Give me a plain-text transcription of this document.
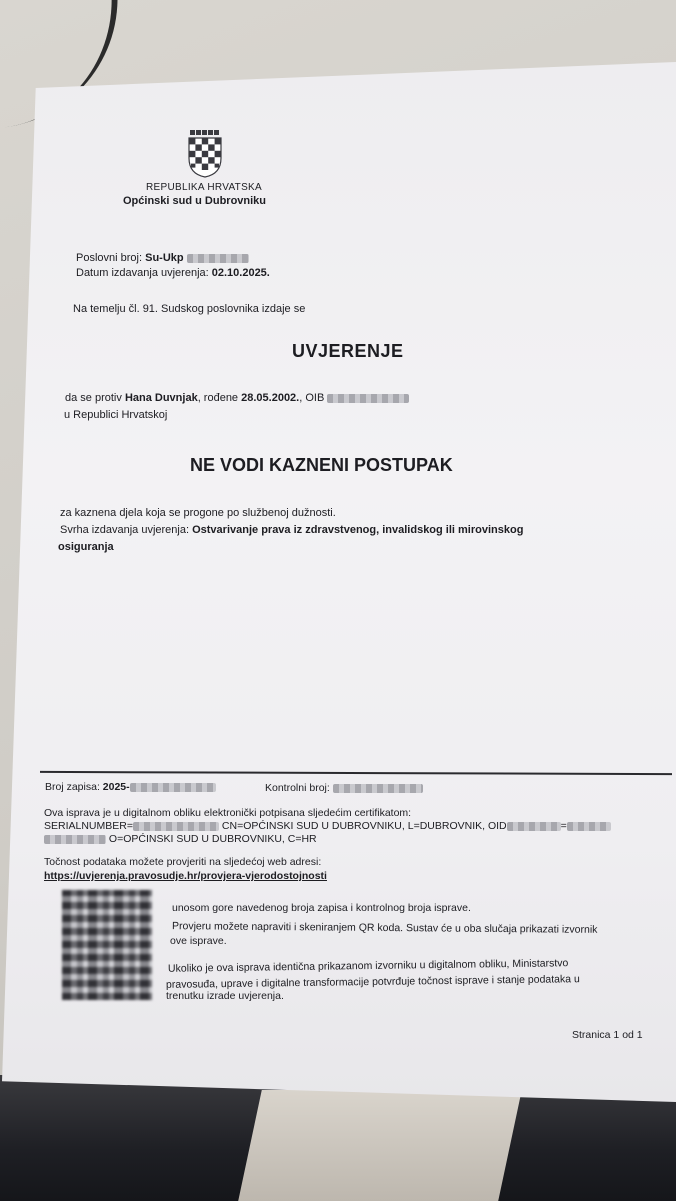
REPUBLIKA HRVATSKA
Općinski sud u Dubrovniku
Poslovni broj: Su-Ukp
Datum izdavanja uvjerenja: 02.10.2025.
Na temelju čl. 91. Sudskog poslovnika izdaje se
UVJERENJE
da se protiv Hana Duvnjak, rođene 28.05.2002., OIB
u Republici Hrvatskoj
NE VODI KAZNENI POSTUPAK
za kaznena djela koja se progone po službenoj dužnosti.
Svrha izdavanja uvjerenja: Ostvarivanje prava iz zdravstvenog, invalidskog ili mirovinskog
osiguranja
Broj zapisa: 2025-	Kontrolni broj:
Ova isprava je u digitalnom obliku elektronički potpisana sljedećim certifikatom:
SERIALNUMBER=	CN=OPĆINSKI SUD U DUBROVNIKU, L=DUBROVNIK, OID	=
O=OPĆINSKI SUD U DUBROVNIKU, C=HR
Točnost podataka možete provjeriti na sljedećoj web adresi:
https://uvjerenja.pravosudje.hr/provjera-vjerodostojnosti
unosom gore navedenog broja zapisa i kontrolnog broja isprave.
Provjeru možete napraviti i skeniranjem QR koda. Sustav će u oba slučaja prikazati izvornik
ove isprave.
Ukoliko je ova isprava identična prikazanom izvorniku u digitalnom obliku, Ministarstvo
pravosuđa, uprave i digitalne transformacije potvrđuje točnost isprave i stanje podataka u
trenutku izrade uvjerenja.
Stranica 1 od 1
